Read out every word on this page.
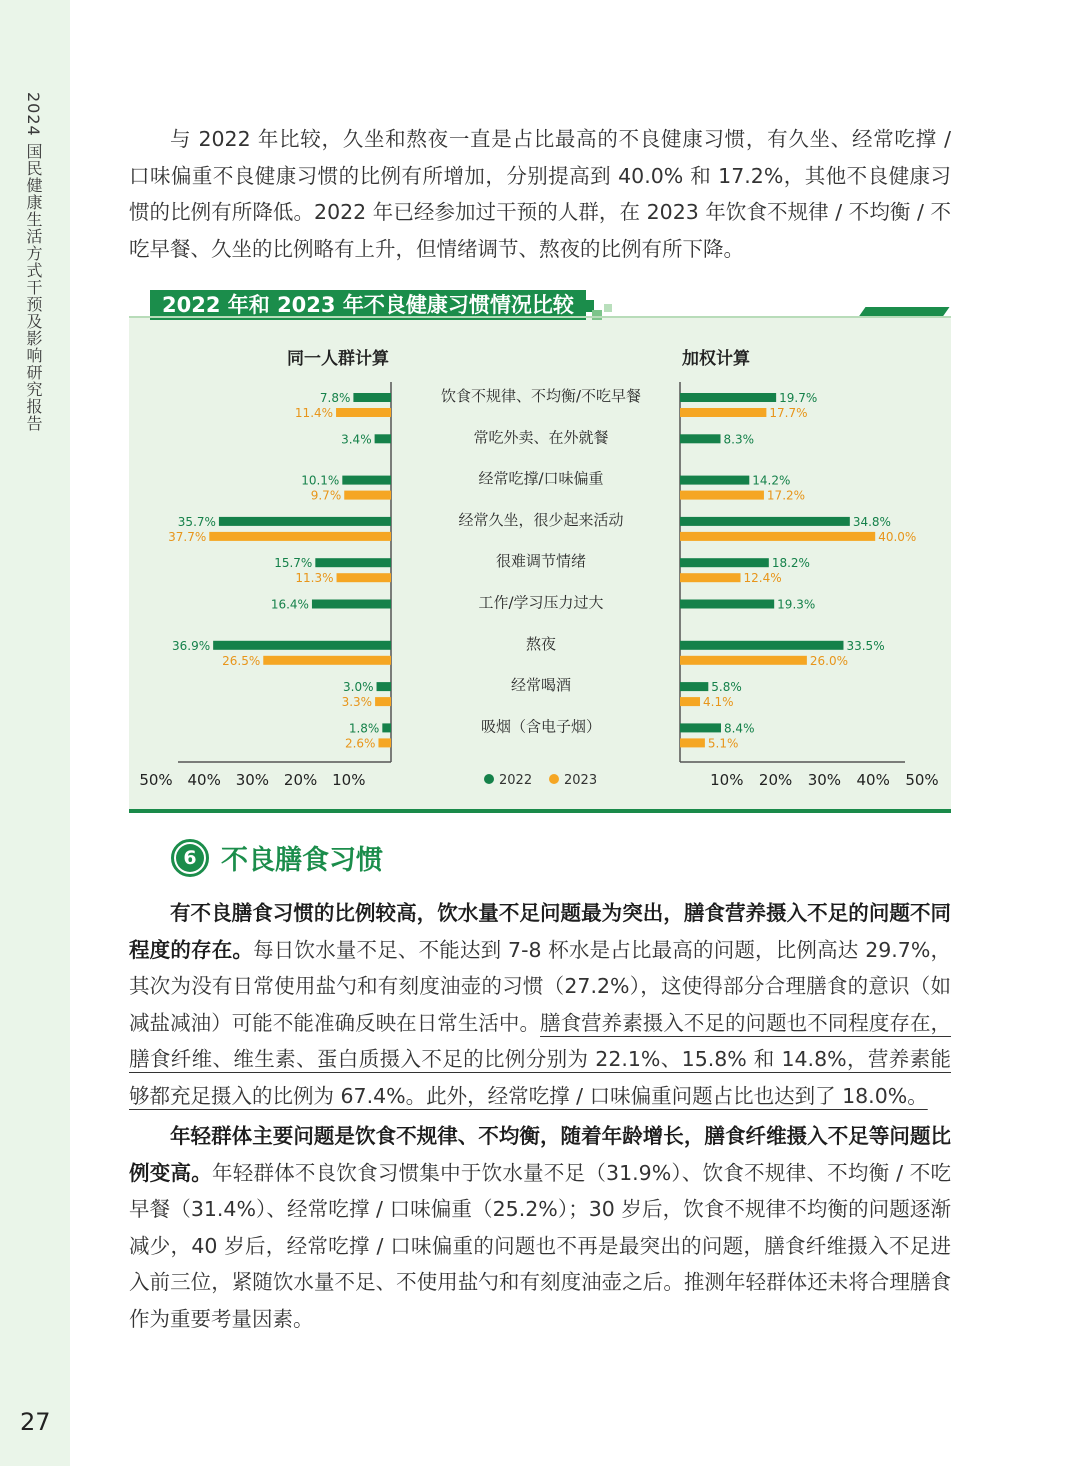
2024 国民健康生活方式干预及影响研究报告
27

与 2022 年比较，久坐和熬夜一直是占比最高的不良健康习惯，有久坐、经常吃撑 / 口味偏重不良健康习惯的比例有所增加，分别提高到 40.0% 和 17.2%，其他不良健康习惯的比例有所降低。2022 年已经参加过干预的人群，在 2023 年饮食不规律 / 不均衡 / 不吃早餐、久坐的比例略有上升，但情绪调节、熬夜的比例有所下降。

2022 年和 2023 年不良健康习惯情况比较
同一人群计算	加权计算
饮食不规律、不均衡/不吃早餐
7.8%	19.7%
11.4%	17.7%
常吃外卖、在外就餐
3.4%	8.3%
经常吃撑/口味偏重
10.1%	14.2%
9.7%	17.2%
经常久坐，很少起来活动
35.7%	34.8%
37.7%	40.0%
很难调节情绪
15.7%	18.2%
11.3%	12.4%
工作/学习压力过大
16.4%	19.3%
熬夜
36.9%	33.5%
26.5%	26.0%
经常喝酒
3.0%	5.8%
3.3%	4.1%
吸烟（含电子烟）
1.8%	8.4%
2.6%	5.1%
50% 40% 30% 20% 10%	10% 20% 30% 40% 50%
2022 2023
6 不良膳食习惯

有不良膳食习惯的比例较高，饮水量不足问题最为突出，膳食营养摄入不足的问题不同程度的存在。每日饮水量不足、不能达到 7-8 杯水是占比最高的问题，比例高达 29.7%，其次为没有日常使用盐勺和有刻度油壶的习惯（27.2%），这使得部分合理膳食的意识（如减盐减油）可能不能准确反映在日常生活中。膳食营养素摄入不足的问题也不同程度存在，膳食纤维、维生素、蛋白质摄入不足的比例分别为 22.1%、15.8% 和 14.8%，营养素能够都充足摄入的比例为 67.4%。此外，经常吃撑 / 口味偏重问题占比也达到了 18.0%。

年轻群体主要问题是饮食不规律、不均衡，随着年龄增长，膳食纤维摄入不足等问题比例变高。年轻群体不良饮食习惯集中于饮水量不足（31.9%）、饮食不规律、不均衡 / 不吃早餐（31.4%）、经常吃撑 / 口味偏重（25.2%）；30 岁后，饮食不规律不均衡的问题逐渐减少，40 岁后，经常吃撑 / 口味偏重的问题也不再是最突出的问题，膳食纤维摄入不足进入前三位，紧随饮水量不足、不使用盐勺和有刻度油壶之后。推测年轻群体还未将合理膳食作为重要考量因素。
